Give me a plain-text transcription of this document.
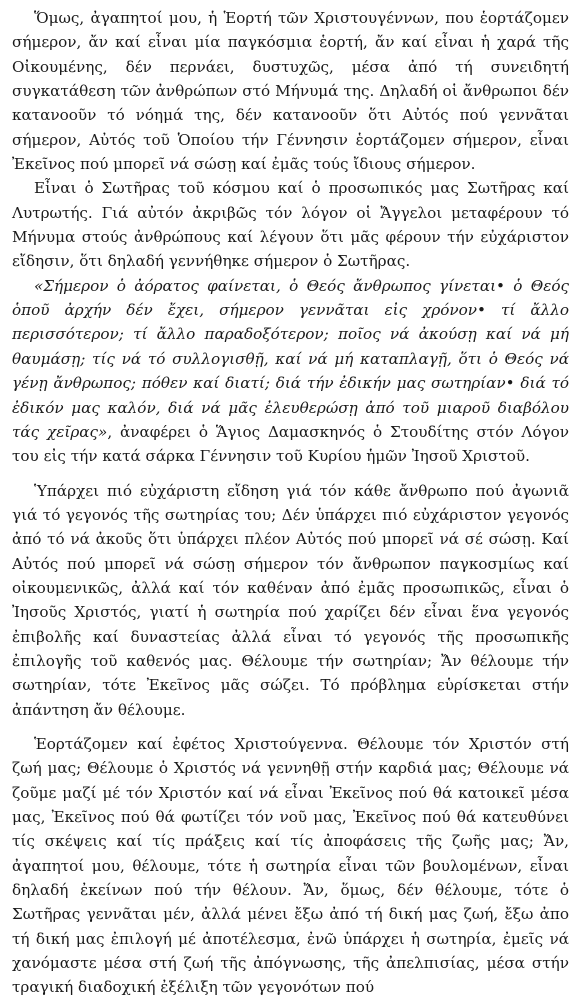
Ὅμως, ἀγαπητοί μου, ἡ Ἑορτή τῶν Χριστουγέννων, που ἑορτάζομεν σήμερον, ἄν καί εἶναι μία παγκόσμια ἑορτή, ἄν καί εἶναι ἡ χαρά τῆς Οἰκουμένης, δέν περνάει, δυστυχῶς, μέσα ἀπό τή συνειδητή συγκατάθεση τῶν ἀνθρώπων στό Μήνυμά της. Δηλαδή οἱ ἄνθρωποι δέν κατανοοῦν τό νόημά της, δέν κατανοοῦν ὅτι Αὐτός πού γεννᾶται σήμερον, Αὐτός τοῦ Ὁποίου τήν Γέννησιν ἑορτάζομεν σήμερον, εἶναι Ἐκεῖνος πού μπορεῖ νά σώσῃ καί ἐμᾶς τούς ἴδιους σήμερον.

Εἶναι ὁ Σωτῆρας τοῦ κόσμου καί ὁ προσωπικός μας Σωτῆρας καί Λυτρωτής. Γιά αὐτόν ἀκριβῶς τόν λόγον οἱ Ἄγγελοι μεταφέρουν τό Μήνυμα στούς ἀνθρώπους καί λέγουν ὅτι μᾶς φέρουν τήν εὐχάριστον εἴδησιν, ὅτι δηλαδή γεννήθηκε σήμερον ὁ Σωτῆρας.

«Σήμερον ὁ ἀόρατος φαίνεται, ὁ Θεός ἄνθρωπος γίνεται• ὁ Θεός ὁποῦ ἀρχήν δέν ἔχει, σήμερον γεννᾶται εἰς χρόνον• τί ἄλλο περισσότερον; τί ἄλλο παραδοξότερον; ποῖος νά ἀκούσῃ καί νά μή θαυμάσῃ; τίς νά τό συλλογισθῇ, καί νά μή καταπλαγῇ, ὅτι ὁ Θεός νά γένῃ ἄνθρωπος; πόθεν καί διατί; διά τήν ἐδικήν μας σωτηρίαν• διά τό ἐδικόν μας καλόν, διά νά μᾶς ἐλευθερώσῃ ἀπό τοῦ μιαροῦ διαβόλου τάς χεῖρας», ἀναφέρει ὁ Ἅγιος Δαμασκηνός ὁ Στουδίτης στόν Λόγον του εἰς τήν κατά σάρκα Γέννησιν τοῦ Κυρίου ἡμῶν Ἰησοῦ Χριστοῦ.

Ὑπάρχει πιό εὐχάριστη εἴδηση γιά τόν κάθε ἄνθρωπο πού ἀγωνιᾶ γιά τό γεγονός τῆς σωτηρίας του; Δέν ὑπάρχει πιό εὐχάριστον γεγονός ἀπό τό νά ἀκοῦς ὅτι ὑπάρχει πλέον Αὐτός πού μπορεῖ νά σέ σώσῃ. Καί Αὐτός πού μπορεῖ νά σώσῃ σήμερον τόν ἄνθρωπον παγκοσμίως καί οἰκουμενικῶς, ἀλλά καί τόν καθέναν ἀπό ἐμᾶς προσωπικῶς, εἶναι ὁ Ἰησοῦς Χριστός, γιατί ἡ σωτηρία πού χαρίζει δέν εἶναι ἕνα γεγονός ἐπιβολῆς καί δυναστείας ἀλλά εἶναι τό γεγονός τῆς προσωπικῆς ἐπιλογῆς τοῦ καθενός μας. Θέλουμε τήν σωτηρίαν; Ἄν θέλουμε τήν σωτηρίαν, τότε Ἐκεῖνος μᾶς σώζει. Τό πρόβλημα εὑρίσκεται στήν ἀπάντηση ἄν θέλουμε.

Ἑορτάζομεν καί ἐφέτος Χριστούγεννα. Θέλουμε τόν Χριστόν στή ζωή μας; Θέλουμε ὁ Χριστός νά γεννηθῇ στήν καρδιά μας; Θέλουμε νά ζοῦμε μαζί μέ τόν Χριστόν καί νά εἶναι Ἐκεῖνος πού θά κατοικεῖ μέσα μας, Ἐκεῖνος πού θά φωτίζει τόν νοῦ μας, Ἐκεῖνος πού θά κατευθύνει τίς σκέψεις καί τίς πράξεις καί τίς ἀποφάσεις τῆς ζωῆς μας; Ἄν, ἀγαπητοί μου, θέλουμε, τότε ἡ σωτηρία εἶναι τῶν βουλομένων, εἶναι δηλαδή ἐκείνων πού τήν θέλουν. Ἄν, ὅμως, δέν θέλουμε, τότε ὁ Σωτῆρας γεννᾶται μέν, ἀλλά μένει ἔξω ἀπό τή δική μας ζωή, ἔξω ἀπο τή δική μας ἐπιλογή μέ ἀποτέλεσμα, ἐνῶ ὑπάρχει ἡ σωτηρία, ἐμεῖς νά χανόμαστε μέσα στή ζωή τῆς ἀπόγνωσης, τῆς ἀπελπισίας, μέσα στήν τραγική διαδοχική ἐξέλιξη τῶν γεγονότων πού
